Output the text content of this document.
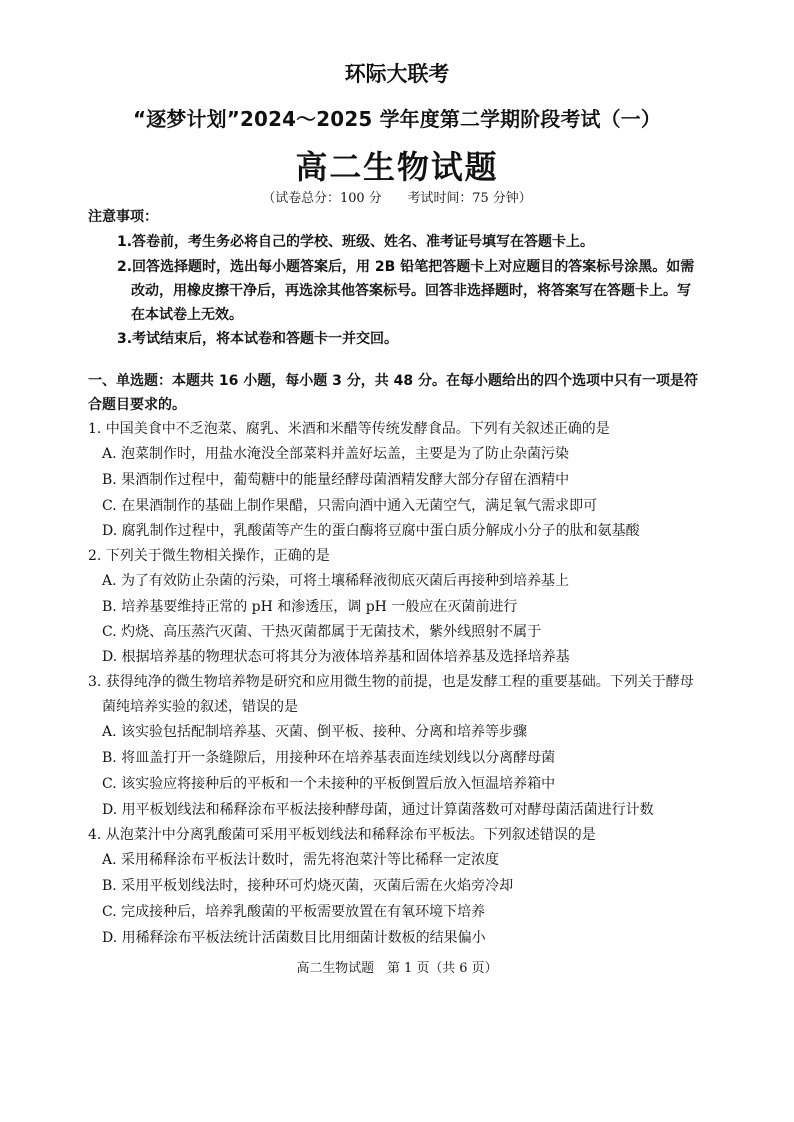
环际大联考
“逐梦计划”2024～2025 学年度第二学期阶段考试（一）
高二生物试题
（试卷总分：100 分　　考试时间：75 分钟）
注意事项：
1.答卷前，考生务必将自己的学校、班级、姓名、准考证号填写在答题卡上。
2.回答选择题时，选出每小题答案后，用 2B 铅笔把答题卡上对应题目的答案标号涂黑。如需
改动，用橡皮擦干净后，再选涂其他答案标号。回答非选择题时，将答案写在答题卡上。写
在本试卷上无效。
3.考试结束后，将本试卷和答题卡一并交回。
一、单选题：本题共 16 小题，每小题 3 分，共 48 分。在每小题给出的四个选项中只有一项是符
合题目要求的。
1. 中国美食中不乏泡菜、腐乳、米酒和米醋等传统发酵食品。下列有关叙述正确的是
A. 泡菜制作时，用盐水淹没全部菜料并盖好坛盖，主要是为了防止杂菌污染
B. 果酒制作过程中，葡萄糖中的能量经酵母菌酒精发酵大部分存留在酒精中
C. 在果酒制作的基础上制作果醋，只需向酒中通入无菌空气，满足氧气需求即可
D. 腐乳制作过程中，乳酸菌等产生的蛋白酶将豆腐中蛋白质分解成小分子的肽和氨基酸
2. 下列关于微生物相关操作，正确的是
A. 为了有效防止杂菌的污染，可将土壤稀释液彻底灭菌后再接种到培养基上
B. 培养基要维持正常的 pH 和渗透压，调 pH 一般应在灭菌前进行
C. 灼烧、高压蒸汽灭菌、干热灭菌都属于无菌技术，紫外线照射不属于
D. 根据培养基的物理状态可将其分为液体培养基和固体培养基及选择培养基
3. 获得纯净的微生物培养物是研究和应用微生物的前提，也是发酵工程的重要基础。下列关于酵母
菌纯培养实验的叙述，错误的是
A. 该实验包括配制培养基、灭菌、倒平板、接种、分离和培养等步骤
B. 将皿盖打开一条缝隙后，用接种环在培养基表面连续划线以分离酵母菌
C. 该实验应将接种后的平板和一个未接种的平板倒置后放入恒温培养箱中
D. 用平板划线法和稀释涂布平板法接种酵母菌，通过计算菌落数可对酵母菌活菌进行计数
4. 从泡菜汁中分离乳酸菌可采用平板划线法和稀释涂布平板法。下列叙述错误的是
A. 采用稀释涂布平板法计数时，需先将泡菜汁等比稀释一定浓度
B. 采用平板划线法时，接种环可灼烧灭菌，灭菌后需在火焰旁冷却
C. 完成接种后，培养乳酸菌的平板需要放置在有氧环境下培养
D. 用稀释涂布平板法统计活菌数目比用细菌计数板的结果偏小
高二生物试题　第 1 页（共 6 页）
